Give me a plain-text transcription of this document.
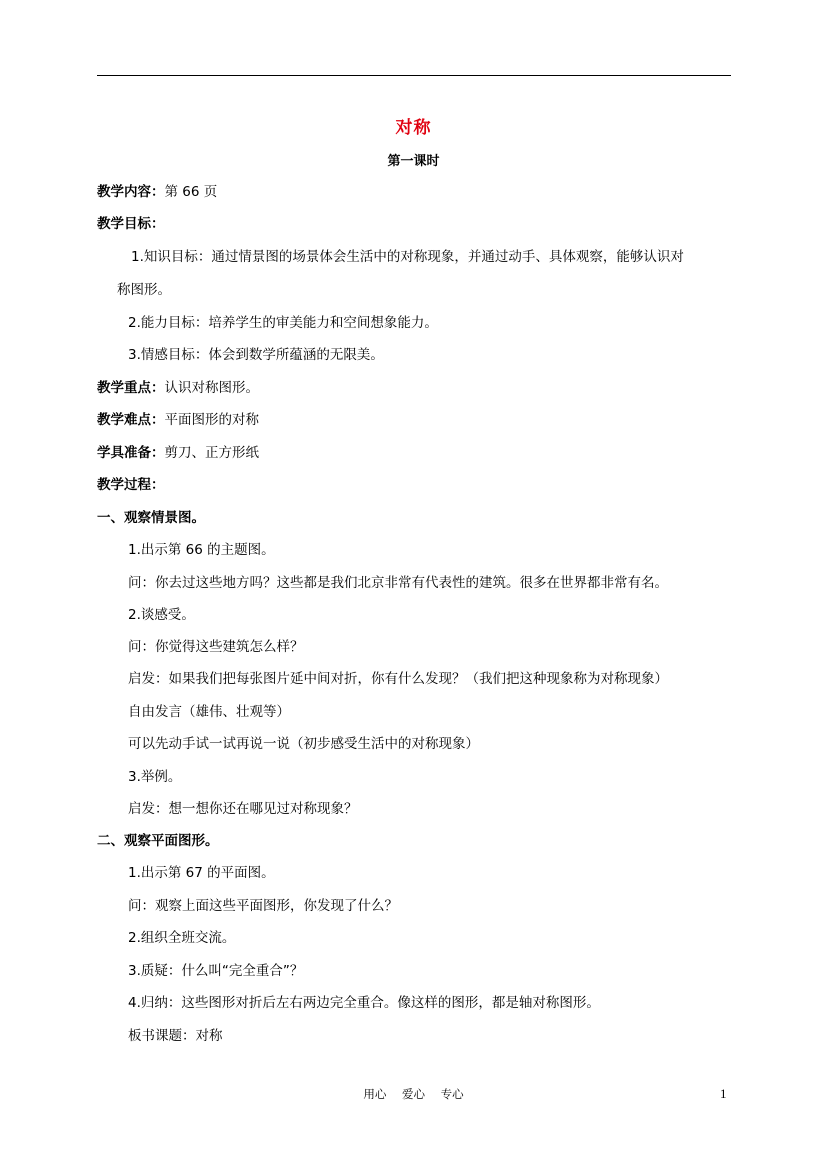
对称
第一课时
教学内容：第 66 页
教学目标：
1.知识目标：通过情景图的场景体会生活中的对称现象，并通过动手、具体观察，能够认识对
称图形。
2.能力目标：培养学生的审美能力和空间想象能力。
3.情感目标：体会到数学所蕴涵的无限美。
教学重点：认识对称图形。
教学难点：平面图形的对称
学具准备：剪刀、正方形纸
教学过程：
一、观察情景图。
1.出示第 66 的主题图。
问：你去过这些地方吗？这些都是我们北京非常有代表性的建筑。很多在世界都非常有名。
2.谈感受。
问：你觉得这些建筑怎么样？
启发：如果我们把每张图片延中间对折，你有什么发现？（我们把这种现象称为对称现象）
自由发言（雄伟、壮观等）
可以先动手试一试再说一说（初步感受生活中的对称现象）
3.举例。
启发：想一想你还在哪见过对称现象？
二、观察平面图形。
1.出示第 67 的平面图。
问：观察上面这些平面图形，你发现了什么？
2.组织全班交流。
3.质疑：什么叫“完全重合”？
4.归纳：这些图形对折后左右两边完全重合。像这样的图形，都是轴对称图形。
板书课题：对称
用心 爱心 专心	1
